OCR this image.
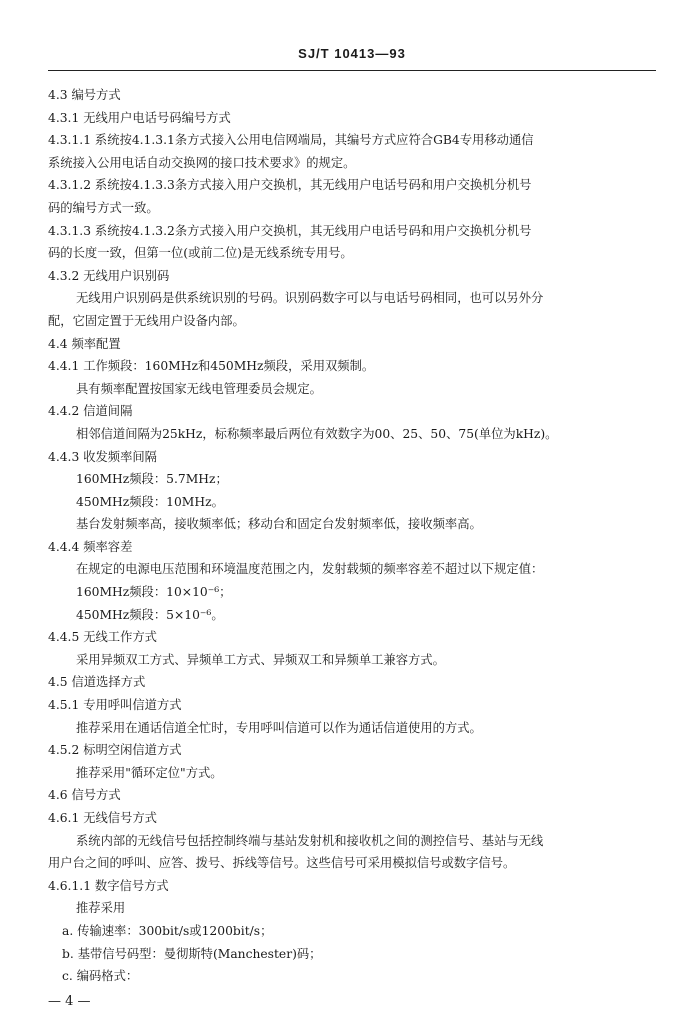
SJ/T 10413—93
4.3 编号方式
4.3.1 无线用户电话号码编号方式
4.3.1.1 系统按4.1.3.1条方式接入公用电信网端局，其编号方式应符合GB4专用移动通信
系统接入公用电话自动交换网的接口技术要求》的规定。
4.3.1.2 系统按4.1.3.3条方式接入用户交换机，其无线用户电话号码和用户交换机分机号
码的编号方式一致。
4.3.1.3 系统按4.1.3.2条方式接入用户交换机，其无线用户电话号码和用户交换机分机号
码的长度一致，但第一位(或前二位)是无线系统专用号。
4.3.2 无线用户识别码
无线用户识别码是供系统识别的号码。识别码数字可以与电话号码相同，也可以另外分
配，它固定置于无线用户设备内部。
4.4 频率配置
4.4.1 工作频段：160MHz和450MHz频段，采用双频制。
具有频率配置按国家无线电管理委员会规定。
4.4.2 信道间隔
相邻信道间隔为25kHz，标称频率最后两位有效数字为00、25、50、75(单位为kHz)。
4.4.3 收发频率间隔
160MHz频段：5.7MHz；
450MHz频段：10MHz。
基台发射频率高，接收频率低；移动台和固定台发射频率低，接收频率高。
4.4.4 频率容差
在规定的电源电压范围和环境温度范围之内，发射载频的频率容差不超过以下规定值：
160MHz频段：10×10⁻⁶；
450MHz频段：5×10⁻⁶。
4.4.5 无线工作方式
采用异频双工方式、异频单工方式、异频双工和异频单工兼容方式。
4.5 信道选择方式
4.5.1 专用呼叫信道方式
推荐采用在通话信道全忙时，专用呼叫信道可以作为通话信道使用的方式。
4.5.2 标明空闲信道方式
推荐采用"循环定位"方式。
4.6 信号方式
4.6.1 无线信号方式
系统内部的无线信号包括控制终端与基站发射机和接收机之间的测控信号、基站与无线
用户台之间的呼叫、应答、拨号、拆线等信号。这些信号可采用模拟信号或数字信号。
4.6.1.1 数字信号方式
推荐采用
a. 传输速率：300bit/s或1200bit/s；
b. 基带信号码型：曼彻斯特(Manchester)码；
c. 编码格式：
— 4 —
